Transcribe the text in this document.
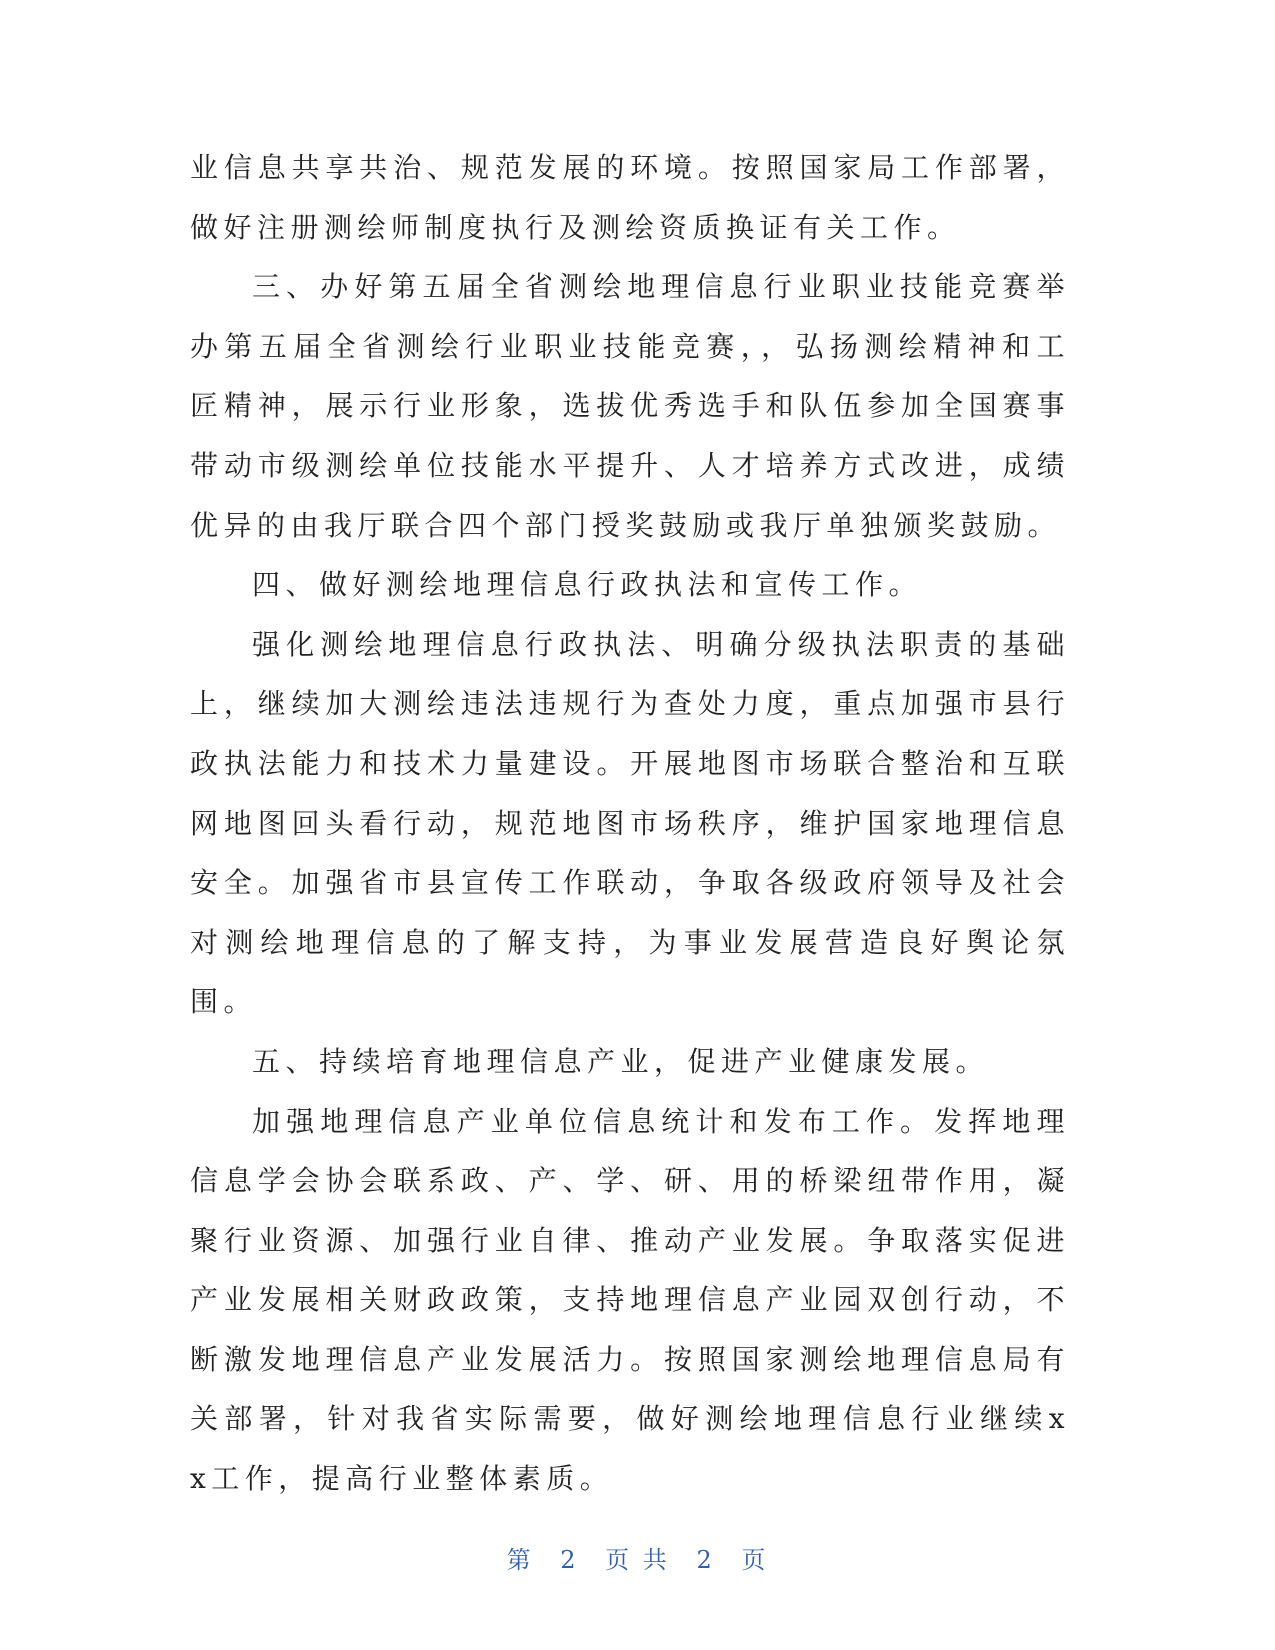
业信息共享共治、规范发展的环境。按照国家局工作部署，做好注册测绘师制度执行及测绘资质换证有关工作。

三、办好第五届全省测绘地理信息行业职业技能竞赛举办第五届全省测绘行业职业技能竞赛，，弘扬测绘精神和工匠精神，展示行业形象，选拔优秀选手和队伍参加全国赛事带动市级测绘单位技能水平提升、人才培养方式改进，成绩优异的由我厅联合四个部门授奖鼓励或我厅单独颁奖鼓励。

四、做好测绘地理信息行政执法和宣传工作。

强化测绘地理信息行政执法、明确分级执法职责的基础上，继续加大测绘违法违规行为查处力度，重点加强市县行政执法能力和技术力量建设。开展地图市场联合整治和互联网地图回头看行动，规范地图市场秩序，维护国家地理信息安全。加强省市县宣传工作联动，争取各级政府领导及社会对测绘地理信息的了解支持，为事业发展营造良好舆论氛围。

五、持续培育地理信息产业，促进产业健康发展。

加强地理信息产业单位信息统计和发布工作。发挥地理信息学会协会联系政、产、学、研、用的桥梁纽带作用，凝聚行业资源、加强行业自律、推动产业发展。争取落实促进产业发展相关财政政策，支持地理信息产业园双创行动，不断激发地理信息产业发展活力。按照国家测绘地理信息局有关部署，针对我省实际需要，做好测绘地理信息行业继续xx工作，提高行业整体素质。

第 2 页 共 2 页
